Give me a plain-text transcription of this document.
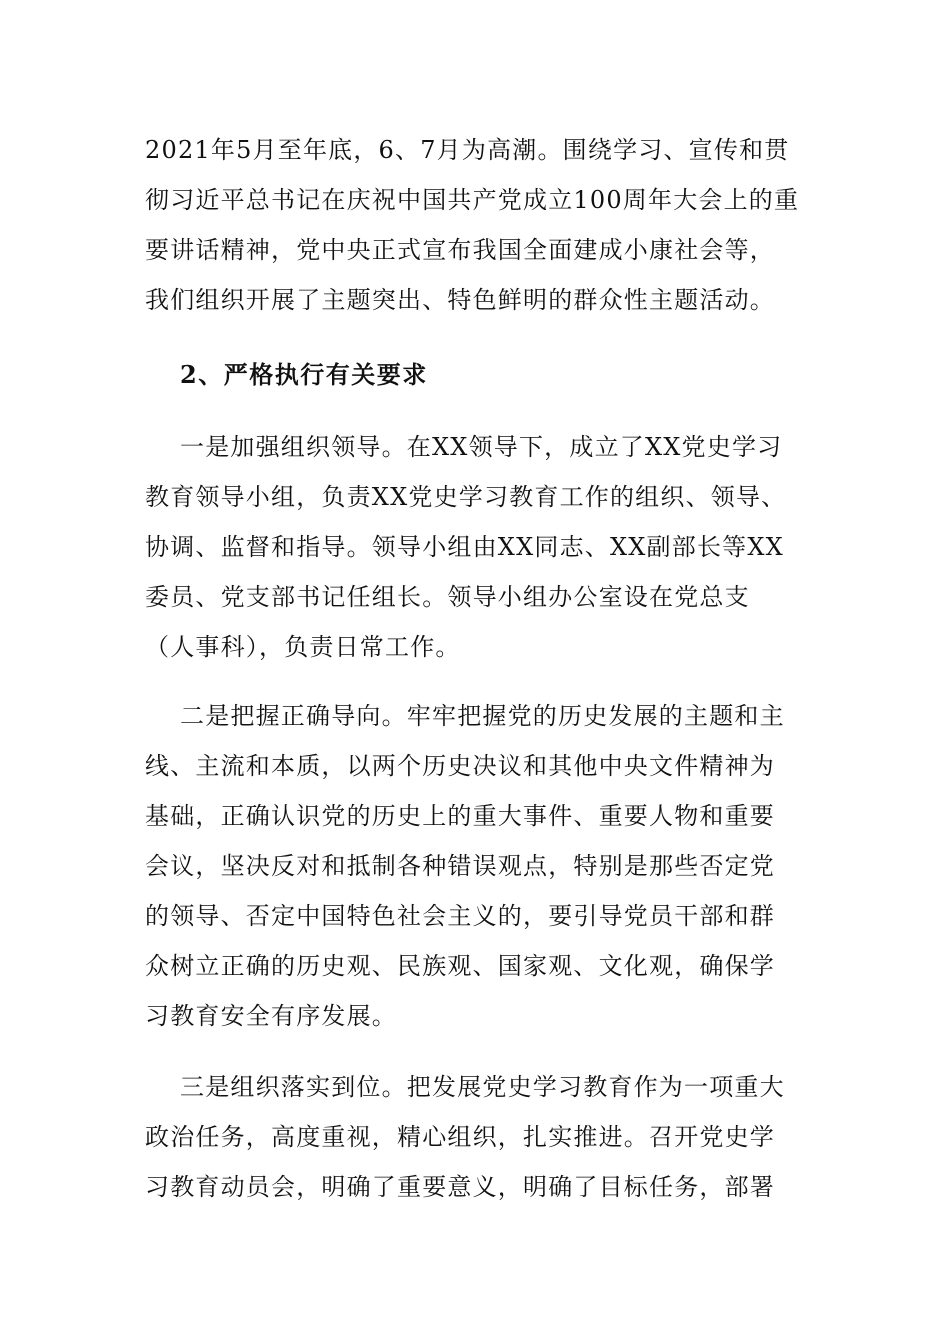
2021年5月至年底，6、7月为高潮。围绕学习、宣传和贯
彻习近平总书记在庆祝中国共产党成立100周年大会上的重
要讲话精神，党中央正式宣布我国全面建成小康社会等，
我们组织开展了主题突出、特色鲜明的群众性主题活动。
2、严格执行有关要求
一是加强组织领导。在XX领导下，成立了XX党史学习
教育领导小组，负责XX党史学习教育工作的组织、领导、
协调、监督和指导。领导小组由XX同志、XX副部长等XX
委员、党支部书记任组长。领导小组办公室设在党总支
（人事科），负责日常工作。
二是把握正确导向。牢牢把握党的历史发展的主题和主
线、主流和本质，以两个历史决议和其他中央文件精神为
基础，正确认识党的历史上的重大事件、重要人物和重要
会议，坚决反对和抵制各种错误观点，特别是那些否定党
的领导、否定中国特色社会主义的，要引导党员干部和群
众树立正确的历史观、民族观、国家观、文化观，确保学
习教育安全有序发展。
三是组织落实到位。把发展党史学习教育作为一项重大
政治任务，高度重视，精心组织，扎实推进。召开党史学
习教育动员会，明确了重要意义，明确了目标任务，部署
